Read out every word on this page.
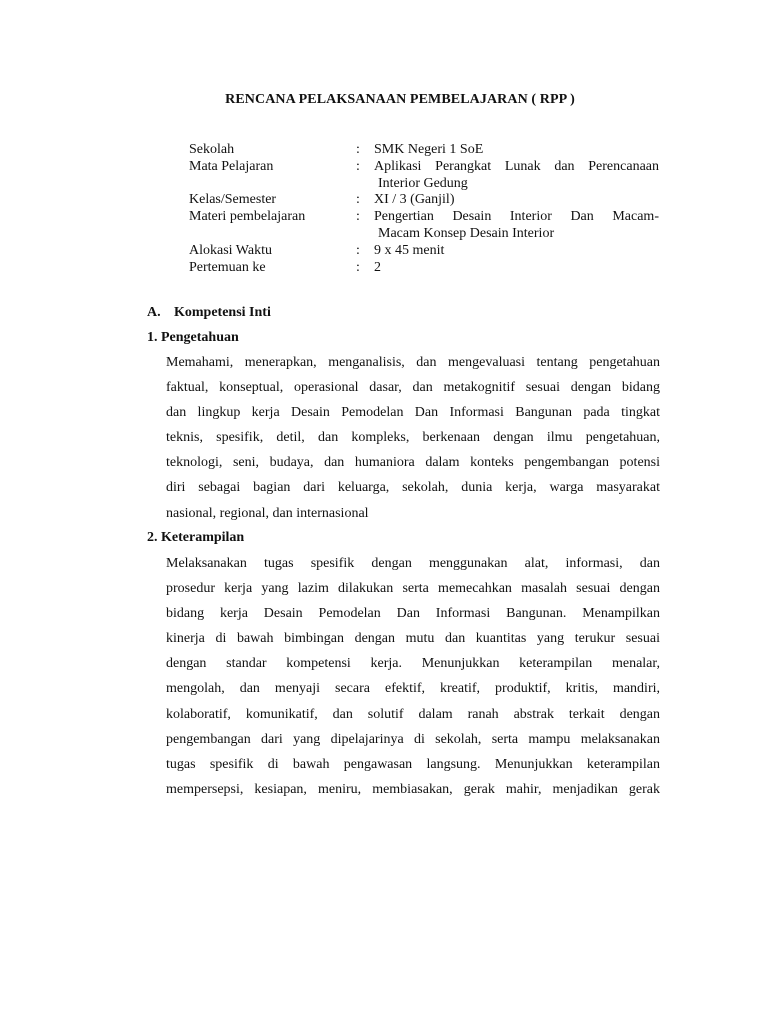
RENCANA PELAKSANAAN PEMBELAJARAN ( RPP )
Sekolah	:	SMK Negeri 1 SoE
Mata Pelajaran	:	Aplikasi Perangkat Lunak dan Perencanaan
Interior Gedung
Kelas/Semester	:	XI / 3 (Ganjil)
Materi pembelajaran	:	Pengertian Desain Interior Dan Macam-
Macam Konsep Desain Interior
Alokasi Waktu	:	9 x 45 menit
Pertemuan ke	:	2
A. Kompetensi Inti
1. Pengetahuan
Memahami, menerapkan, menganalisis, dan mengevaluasi tentang pengetahuan
faktual, konseptual, operasional dasar, dan metakognitif sesuai dengan bidang
dan lingkup kerja Desain Pemodelan Dan Informasi Bangunan pada tingkat
teknis, spesifik, detil, dan kompleks, berkenaan dengan ilmu pengetahuan,
teknologi, seni, budaya, dan humaniora dalam konteks pengembangan potensi
diri sebagai bagian dari keluarga, sekolah, dunia kerja, warga masyarakat
nasional, regional, dan internasional
2. Keterampilan
Melaksanakan tugas spesifik dengan menggunakan alat, informasi, dan
prosedur kerja yang lazim dilakukan serta memecahkan masalah sesuai dengan
bidang kerja Desain Pemodelan Dan Informasi Bangunan. Menampilkan
kinerja di bawah bimbingan dengan mutu dan kuantitas yang terukur sesuai
dengan standar kompetensi kerja. Menunjukkan keterampilan menalar,
mengolah, dan menyaji secara efektif, kreatif, produktif, kritis, mandiri,
kolaboratif, komunikatif, dan solutif dalam ranah abstrak terkait dengan
pengembangan dari yang dipelajarinya di sekolah, serta mampu melaksanakan
tugas spesifik di bawah pengawasan langsung. Menunjukkan keterampilan
mempersepsi, kesiapan, meniru, membiasakan, gerak mahir, menjadikan gerak
